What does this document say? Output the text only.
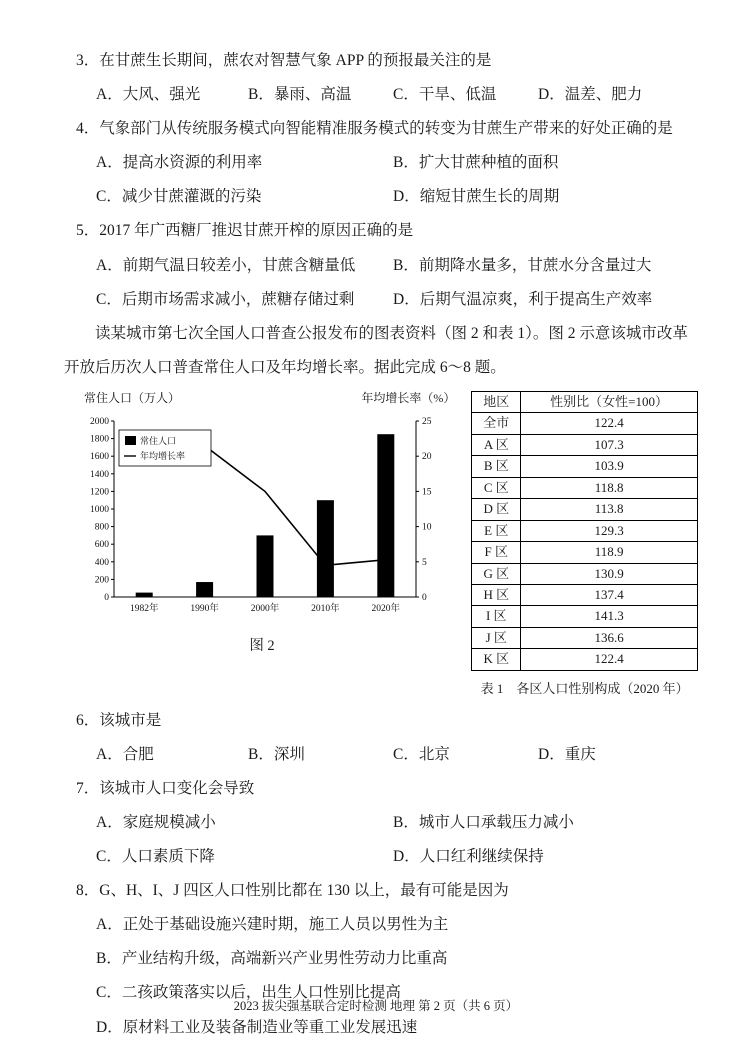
3．在甘蔗生长期间，蔗农对智慧气象 APP 的预报最关注的是
A．大风、强光	B．暴雨、高温	C．干旱、低温	D．温差、肥力
4．气象部门从传统服务模式向智能精准服务模式的转变为甘蔗生产带来的好处正确的是
A．提高水资源的利用率	B．扩大甘蔗种植的面积
C．减少甘蔗灌溉的污染	D．缩短甘蔗生长的周期
5．2017 年广西糖厂推迟甘蔗开榨的原因正确的是
A．前期气温日较差小，甘蔗含糖量低	B．前期降水量多，甘蔗水分含量过大
C．后期市场需求减小，蔗糖存储过剩	D．后期气温凉爽，利于提高生产效率

读某城市第七次全国人口普查公报发布的图表资料（图 2 和表 1）。图 2 示意该城市改革开放后历次人口普查常住人口及年均增长率。据此完成 6～8 题。

常住人口（万人）	年均增长率（%）
0
200
400
600
800
1000
1200
1400
1600
1800
2000
0
5
10
15
20
25
1982年	1990年	2000年	2010年	2020年
常住人口
年均增长率
图 2
地区	性别比（女性=100）
全市	122.4
A 区	107.3
B 区	103.9
C 区	118.8
D 区	113.8
E 区	129.3
F 区	118.9
G 区	130.9
H 区	137.4
I 区	141.3
J 区	136.6
K 区	122.4
表 1　各区人口性别构成（2020 年）
6．该城市是
A．合肥	B．深圳	C．北京	D．重庆
7．该城市人口变化会导致
A．家庭规模减小	B．城市人口承载压力减小
C．人口素质下降	D．人口红利继续保持
8．G、H、I、J 四区人口性别比都在 130 以上，最有可能是因为
A．正处于基础设施兴建时期，施工人员以男性为主
B．产业结构升级，高端新兴产业男性劳动力比重高
C．二孩政策落实以后，出生人口性别比提高
D．原材料工业及装备制造业等重工业发展迅速
2023 拔尖强基联合定时检测 地理 第 2 页（共 6 页）
